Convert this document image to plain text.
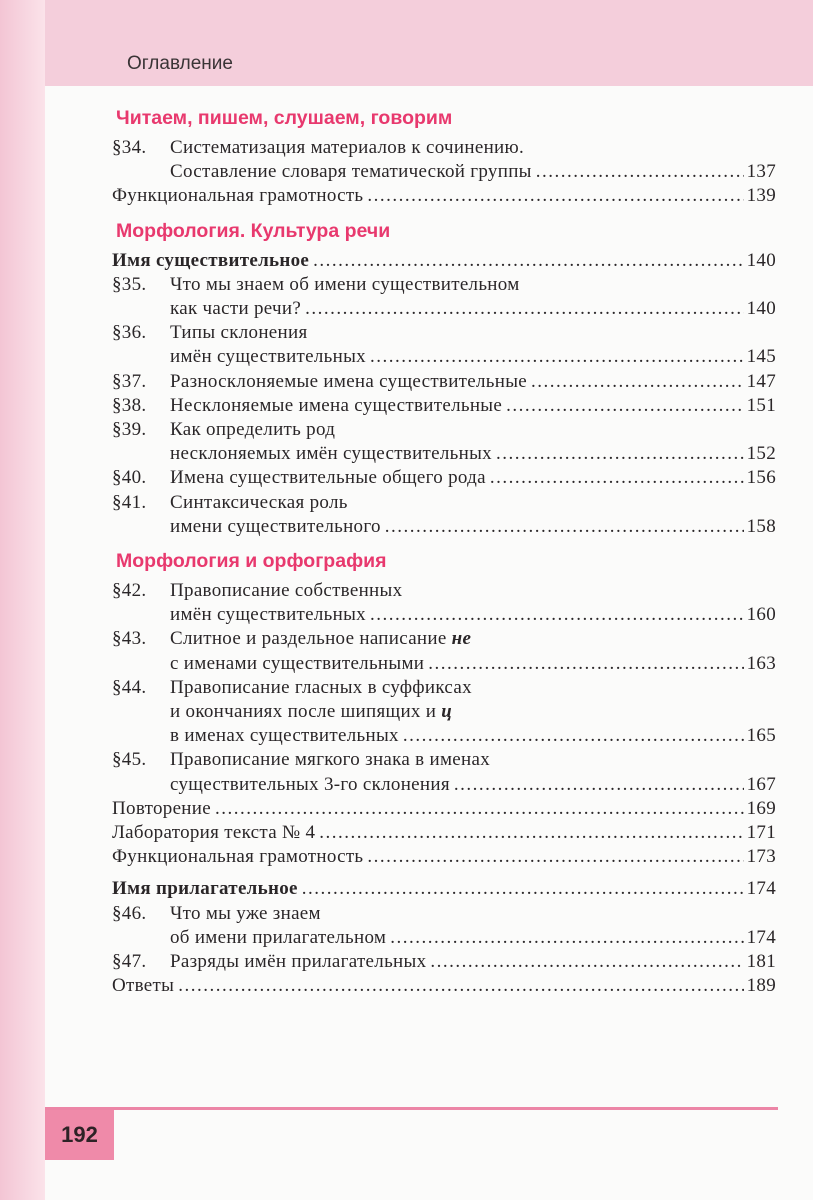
Оглавление
Читаем, пишем, слушаем, говорим
§34.	Систематизация материалов к сочинению.
Составление словаря тематической группы .....	137
Функциональная грамотность .....	139
Морфология. Культура речи
Имя существительное .....	140
§35.	Что мы знаем об имени существительном
как части речи? .....	140
§36.	Типы склонения
имён существительных .....	145
§37. Разносклоняемые имена существительные .....	147
§38. Несклоняемые имена существительные .....	151
§39.	Как определить род
несклоняемых имён существительных .....	152
§40. Имена существительные общего рода .....	156
§41.	Синтаксическая роль
имени существительного .....	158
Морфология и орфография
§42.	Правописание собственных
имён существительных .....	160
§43.	Слитное и раздельное написание не
с именами существительными .....	163
§44.	Правописание гласных в суффиксах
и окончаниях после шипящих и ц
в именах существительных .....	165
§45.	Правописание мягкого знака в именах
существительных 3-го склонения .....	167
Повторение .....	169
Лаборатория текста № 4 .....	171
Функциональная грамотность .....	173
Имя прилагательное .....	174
§46.	Что мы уже знаем
об имени прилагательном .....	174
§47. Разряды имён прилагательных .....	181
Ответы .....	189
192
